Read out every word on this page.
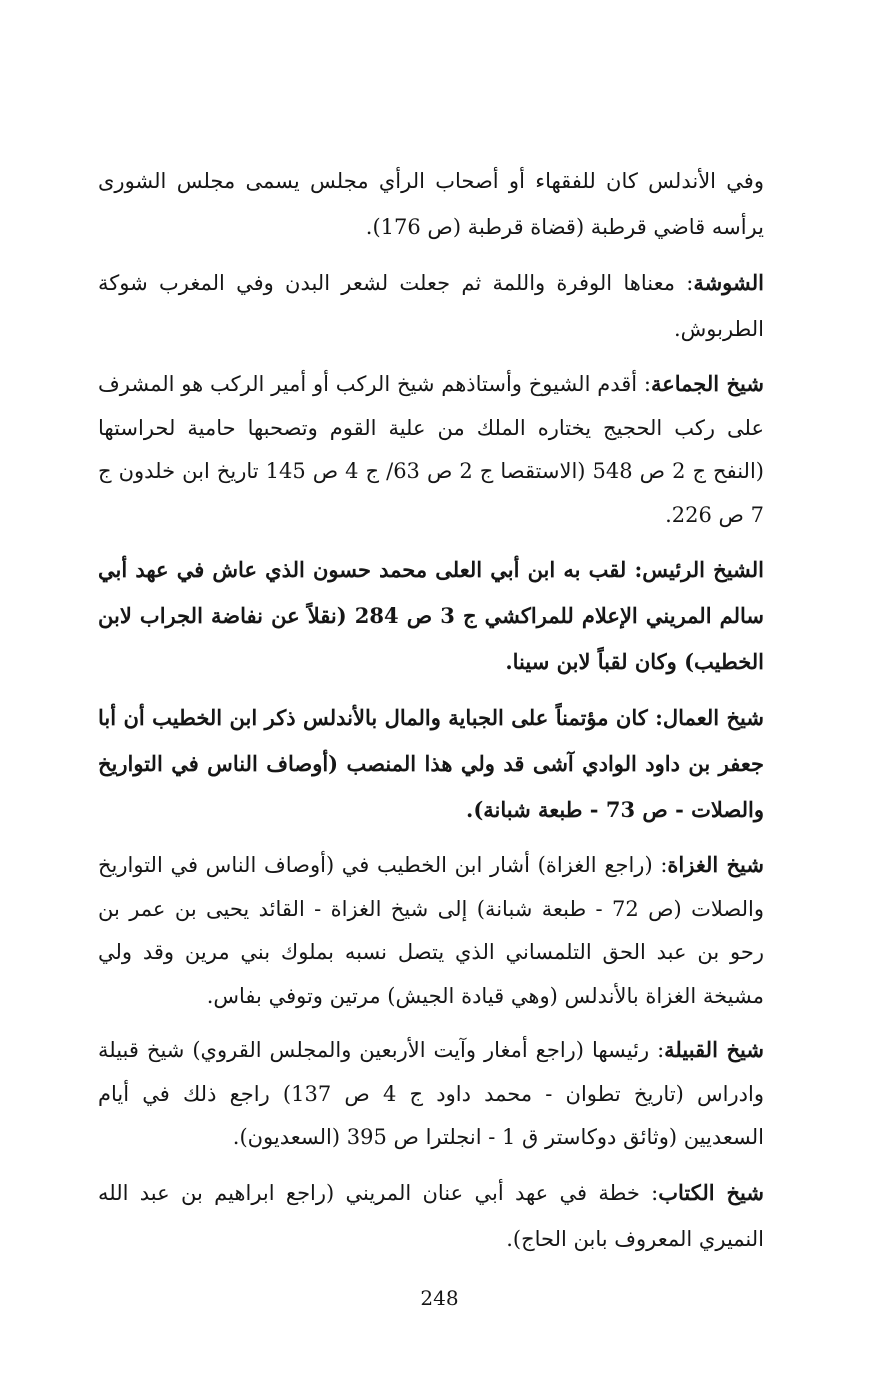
وفي الأندلس كان للفقهاء أو أصحاب الرأي مجلس يسمى مجلس الشورى يرأسه قاضي قرطبة (قضاة قرطبة (ص 176).

الشوشة: معناها الوفرة واللمة ثم جعلت لشعر البدن وفي المغرب شوكة الطربوش.

شيخ الجماعة: أقدم الشيوخ وأستاذهم شيخ الركب أو أمير الركب هو المشرف على ركب الحجيج يختاره الملك من علية القوم وتصحبها حامية لحراستها (النفح ج 2 ص 548 (الاستقصا ج 2 ص 63/ ج 4 ص 145 تاريخ ابن خلدون ج 7 ص 226.

الشيخ الرئيس: لقب به ابن أبي العلى محمد حسون الذي عاش في عهد أبي سالم المريني الإعلام للمراكشي ج 3 ص 284 (نقلاً عن نفاضة الجراب لابن الخطيب) وكان لقباً لابن سينا.

شيخ العمال: كان مؤتمناً على الجباية والمال بالأندلس ذكر ابن الخطيب أن أبا جعفر بن داود الوادي آشى قد ولي هذا المنصب (أوصاف الناس في التواريخ والصلات - ص 73 - طبعة شبانة).

شيخ الغزاة: (راجع الغزاة) أشار ابن الخطيب في (أوصاف الناس في التواريخ والصلات (ص 72 - طبعة شبانة) إلى شيخ الغزاة - القائد يحيى بن عمر بن رحو بن عبد الحق التلمساني الذي يتصل نسبه بملوك بني مرين وقد ولي مشيخة الغزاة بالأندلس (وهي قيادة الجيش) مرتين وتوفي بفاس.

شيخ القبيلة: رئيسها (راجع أمغار وآيت الأربعين والمجلس القروي) شيخ قبيلة وادراس (تاريخ تطوان - محمد داود ج 4 ص 137) راجع ذلك في أيام السعديين (وثائق دوكاستر ق 1 - انجلترا ص 395 (السعديون).

شيخ الكتاب: خطة في عهد أبي عنان المريني (راجع ابراهيم بن عبد الله النميري المعروف بابن الحاج).

248
